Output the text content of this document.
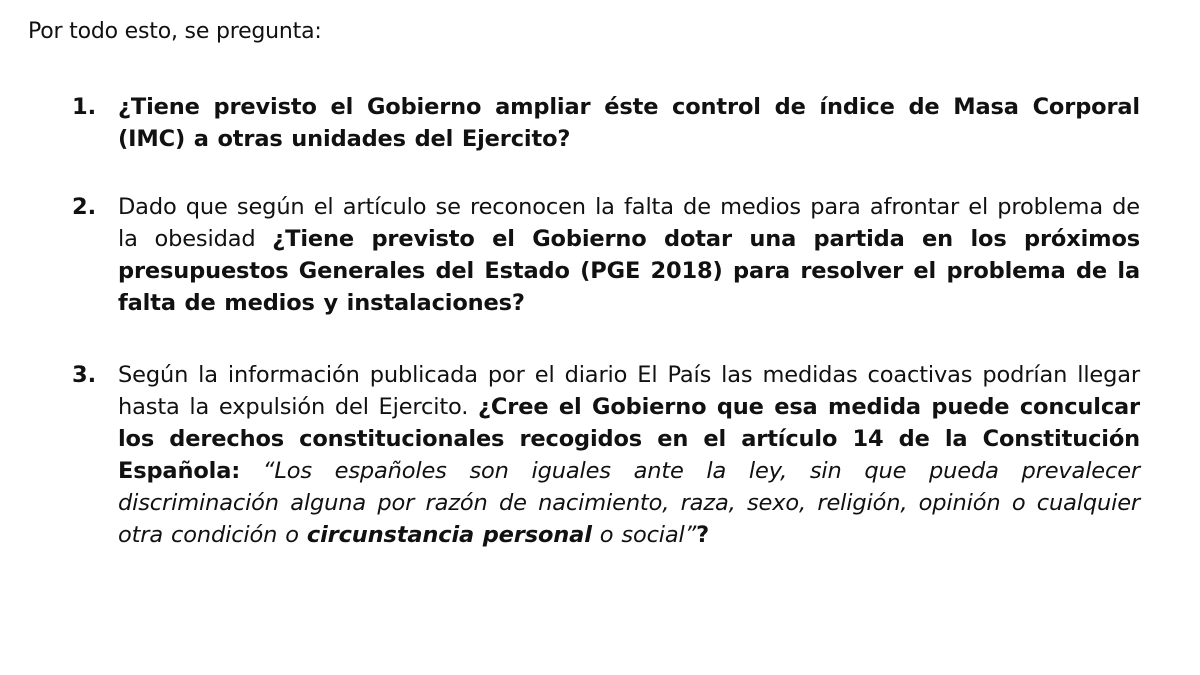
Por todo esto, se pregunta:
1. ¿Tiene previsto el Gobierno ampliar éste control de índice de Masa Corporal (IMC) a otras unidades del Ejercito?
2. Dado que según el artículo se reconocen la falta de medios para afrontar el problema de la obesidad ¿Tiene previsto el Gobierno dotar una partida en los próximos presupuestos Generales del Estado (PGE 2018) para resolver el problema de la falta de medios y instalaciones?
3. Según la información publicada por el diario El País las medidas coactivas podrían llegar hasta la expulsión del Ejercito. ¿Cree el Gobierno que esa medida puede conculcar los derechos constitucionales recogidos en el artículo 14 de la Constitución Española: “Los españoles son iguales ante la ley, sin que pueda prevalecer discriminación alguna por razón de nacimiento, raza, sexo, religión, opinión o cualquier otra condición o circunstancia personal o social”?
